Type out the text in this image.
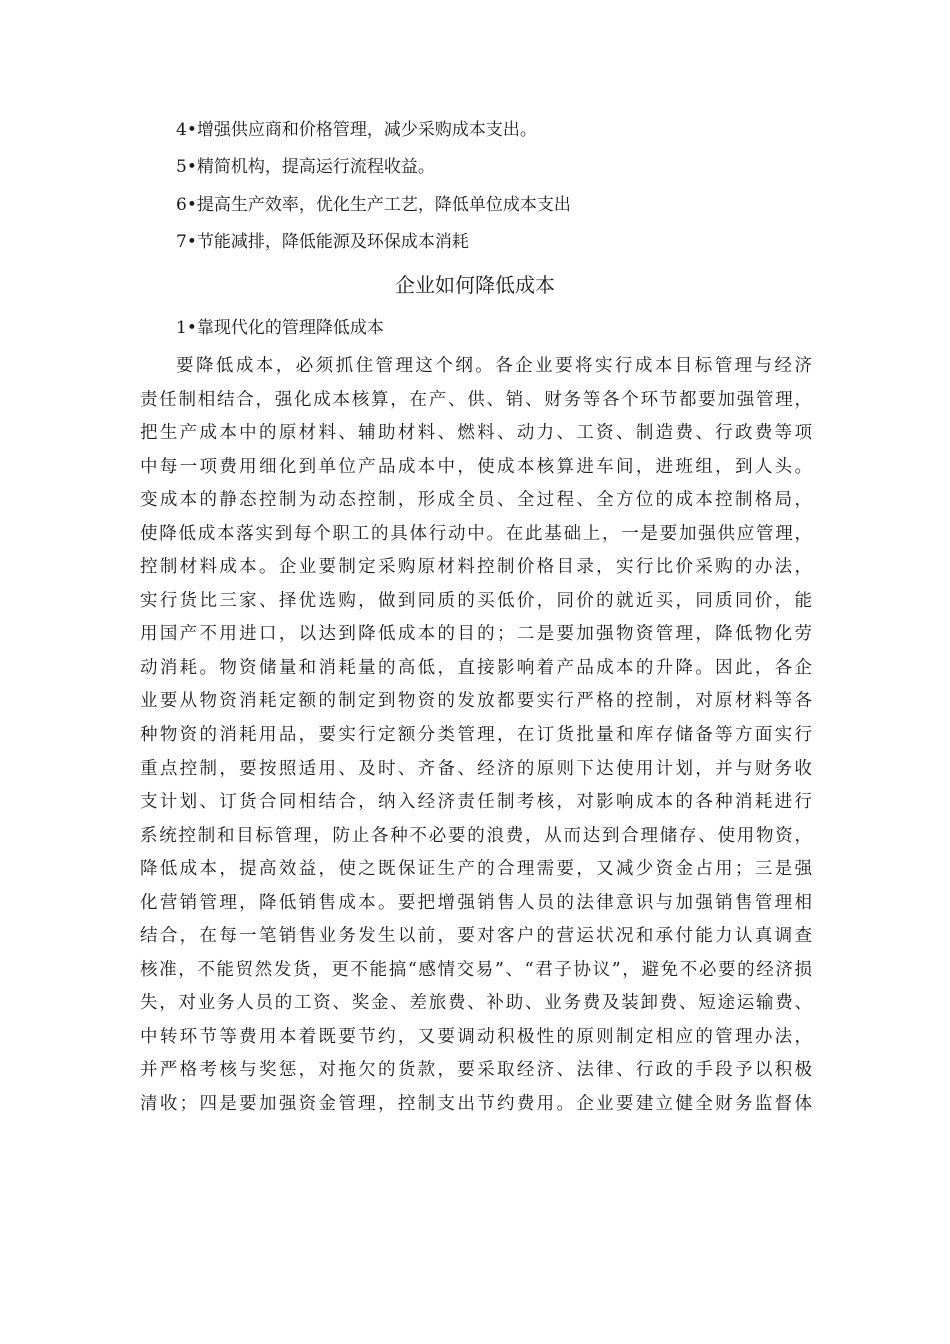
4•增强供应商和价格管理，减少采购成本支出。
5•精简机构，提高运行流程收益。
6•提高生产效率，优化生产工艺，降低单位成本支出
7•节能减排，降低能源及环保成本消耗
企业如何降低成本
1•靠现代化的管理降低成本
要降低成本，必须抓住管理这个纲。各企业要将实行成本目标管理与经济
责任制相结合，强化成本核算，在产、供、销、财务等各个环节都要加强管理，
把生产成本中的原材料、辅助材料、燃料、动力、工资、制造费、行政费等项
中每一项费用细化到单位产品成本中，使成本核算进车间，进班组，到人头。
变成本的静态控制为动态控制，形成全员、全过程、全方位的成本控制格局，
使降低成本落实到每个职工的具体行动中。在此基础上，一是要加强供应管理，
控制材料成本。企业要制定采购原材料控制价格目录，实行比价采购的办法，
实行货比三家、择优选购，做到同质的买低价，同价的就近买，同质同价，能
用国产不用进口，以达到降低成本的目的；二是要加强物资管理，降低物化劳
动消耗。物资储量和消耗量的高低，直接影响着产品成本的升降。因此，各企
业要从物资消耗定额的制定到物资的发放都要实行严格的控制，对原材料等各
种物资的消耗用品，要实行定额分类管理，在订货批量和库存储备等方面实行
重点控制，要按照适用、及时、齐备、经济的原则下达使用计划，并与财务收
支计划、订货合同相结合，纳入经济责任制考核，对影响成本的各种消耗进行
系统控制和目标管理，防止各种不必要的浪费，从而达到合理储存、使用物资，
降低成本，提高效益，使之既保证生产的合理需要，又减少资金占用；三是强
化营销管理，降低销售成本。要把增强销售人员的法律意识与加强销售管理相
结合，在每一笔销售业务发生以前，要对客户的营运状况和承付能力认真调查
核准，不能贸然发货，更不能搞“感情交易”、“君子协议”，避免不必要的经济损
失，对业务人员的工资、奖金、差旅费、补助、业务费及装卸费、短途运输费、
中转环节等费用本着既要节约，又要调动积极性的原则制定相应的管理办法，
并严格考核与奖惩，对拖欠的货款，要采取经济、法律、行政的手段予以积极
清收；四是要加强资金管理，控制支出节约费用。企业要建立健全财务监督体
